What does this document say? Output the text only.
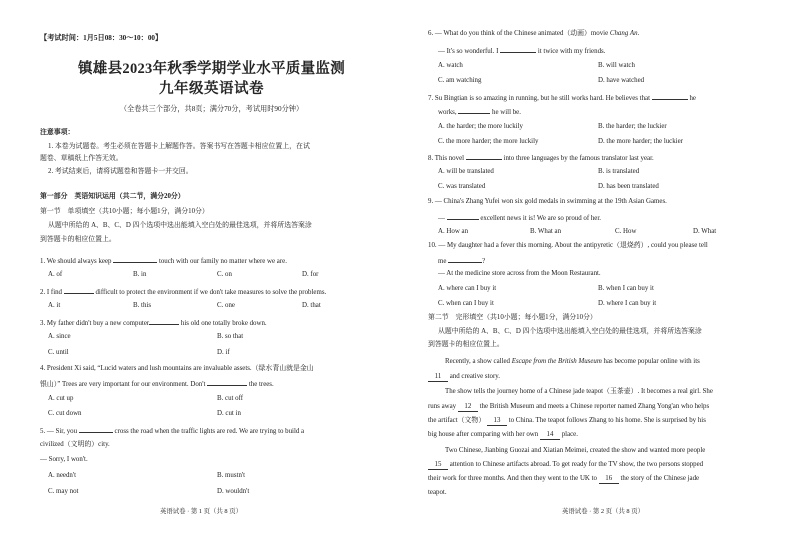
【考试时间：1月5日08：30～10：00】
镇雄县2023年秋季学期学业水平质量监测
九年级英语试卷
（全卷共三个部分，共8页；满分70分，考试用时90分钟）
注意事项：
1. 本卷为试题卷。考生必须在答题卡上解题作答。答案书写在答题卡相应位置上，在试
题卷、草稿纸上作答无效。
2. 考试结束后，请将试题卷和答题卡一并交回。
第一部分　英语知识运用（共二节，满分20分）
第一节　单项填空（共10小题；每小题1分，满分10分）
从题中所给的 A、B、C、D 四个选项中选出能填入空白处的最佳选项，并将所选答案涂
到答题卡的相应位置上。
1. We should always keep	touch with our family no matter where we are.
A. of	B. in	C. on	D. for
2. I find	difficult to protect the environment if we don't take measures to solve the problems.
A. it	B. this	C. one	D. that
3. My father didn't buy a new computer	his old one totally broke down.
A. since	B. so that
C. until	D. if
4. President Xi said, “Lucid waters and lush mountains are invaluable assets.（绿水青山就是金山
银山）” Trees are very important for our environment. Don't	the trees.
A. cut up	B. cut off
C. cut down	D. cut in
5. — Sir, you	cross the road when the traffic lights are red. We are trying to build a
civilized（文明的）city.
— Sorry, I won't.
A. needn't	B. mustn't
C. may not	D. wouldn't
英语试卷 · 第 1 页（共 8 页）
6. — What do you think of the Chinese animated（动画）movie Chang An.
— It's so wonderful. I	it twice with my friends.
A. watch	B. will watch
C. am watching	D. have watched
7. Su Bingtian is so amazing in running, but he still works hard. He believes that	he
works,	he will be.
A. the harder; the more luckily	B. the harder; the luckier
C. the more harder; the more luckily	D. the more harder; the luckier
8. This novel	into three languages by the famous translator last year.
A. will be translated	B. is translated
C. was translated	D. has been translated
9. — China's Zhang Yufei won six gold medals in swimming at the 19th Asian Games.
—	excellent news it is! We are so proud of her.
A. How an	B. What an	C. How	D. What
10. — My daughter had a fever this morning. About the antipyretic（退烧药）, could you please tell
me	?
— At the medicine store across from the Moon Restaurant.
A. where can I buy it	B. when I can buy it
C. when can I buy it	D. where I can buy it
第二节　完形填空（共10小题；每小题1分，满分10分）
从题中所给的 A、B、C、D 四个选项中选出能填入空白处的最佳选项，并将所选答案涂
到答题卡的相应位置上。
Recently, a show called Escape from the British Museum has become popular online with its
11 and creative story.
The show tells the journey home of a Chinese jade teapot（玉茶壶）. It becomes a real girl. She
runs away 12 the British Museum and meets a Chinese reporter named Zhang Yong'an who helps
the artifact（文物） 13 to China. The teapot follows Zhang to his home. She is surprised by his
big house after comparing with her own 14 place.
Two Chinese, Jianbing Guozai and Xiatian Meimei, created the show and wanted more people
15 attention to Chinese artifacts abroad. To get ready for the TV show, the two persons stopped
their work for three months. And then they went to the UK to 16 the story of the Chinese jade
teapot.
英语试卷 · 第 2 页（共 8 页）
